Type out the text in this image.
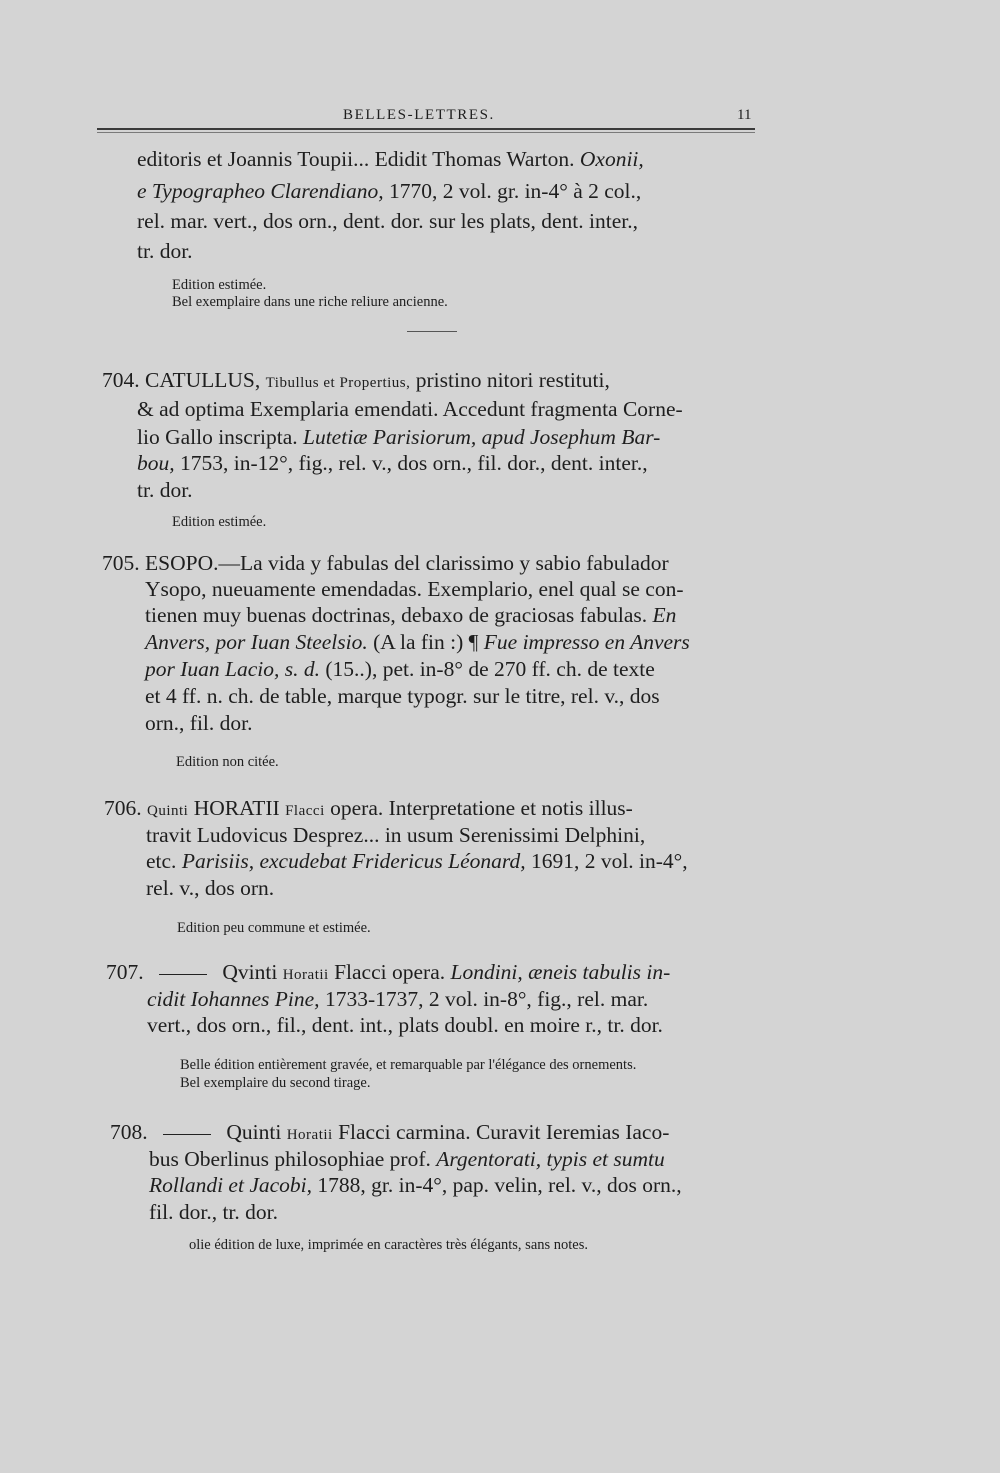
BELLES-LETTRES.	11
editoris et Joannis Toupii... Edidit Thomas Warton. Oxonii,
e Typographeo Clarendiano, 1770, 2 vol. gr. in-4° à 2 col.,
rel. mar. vert., dos orn., dent. dor. sur les plats, dent. inter.,
tr. dor.
Edition estimée.
Bel exemplaire dans une riche reliure ancienne.
704. CATULLUS, Tibullus et Propertius, pristino nitori restituti,
& ad optima Exemplaria emendati. Accedunt fragmenta Corne-
lio Gallo inscripta. Lutetiæ Parisiorum, apud Josephum Bar-
bou, 1753, in-12°, fig., rel. v., dos orn., fil. dor., dent. inter.,
tr. dor.
Edition estimée.
705. ESOPO.—La vida y fabulas del clarissimo y sabio fabulador
Ysopo, nueuamente emendadas. Exemplario, enel qual se con-
tienen muy buenas doctrinas, debaxo de graciosas fabulas. En
Anvers, por Iuan Steelsio. (A la fin :) ¶ Fue impresso en Anvers
por Iuan Lacio, s. d. (15..), pet. in-8° de 270 ff. ch. de texte
et 4 ff. n. ch. de table, marque typogr. sur le titre, rel. v., dos
orn., fil. dor.
Edition non citée.
706. Quinti HORATII Flacci opera. Interpretatione et notis illus-
travit Ludovicus Desprez... in usum Serenissimi Delphini,
etc. Parisiis, excudebat Fridericus Léonard, 1691, 2 vol. in-4°,
rel. v., dos orn.
Edition peu commune et estimée.
707.	Qvinti Horatii Flacci opera. Londini, æneis tabulis in-
cidit Iohannes Pine, 1733-1737, 2 vol. in-8°, fig., rel. mar.
vert., dos orn., fil., dent. int., plats doubl. en moire r., tr. dor.
Belle édition entièrement gravée, et remarquable par l'élégance des ornements.
Bel exemplaire du second tirage.
708.	Quinti Horatii Flacci carmina. Curavit Ieremias Iaco-
bus Oberlinus philosophiae prof. Argentorati, typis et sumtu
Rollandi et Jacobi, 1788, gr. in-4°, pap. velin, rel. v., dos orn.,
fil. dor., tr. dor.
olie édition de luxe, imprimée en caractères très élégants, sans notes.
